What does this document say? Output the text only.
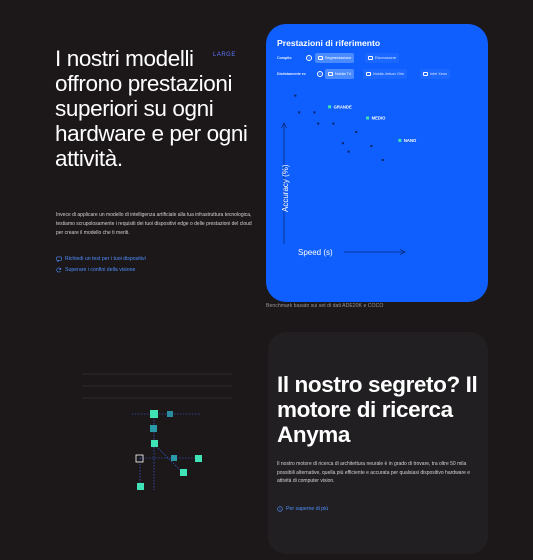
I nostri modelli offrono prestazioni superiori su ogni hardware e per ogni attività.
LARGE

Invece di applicare un modello di intelligenza artificiale alla tua infrastruttura tecnologica, testiamo scrupolosamente i requisiti dei tuoi dispositivi edge o delle prestazioni del cloud per creare il modello che ti meriti.

Richiedi un test per i tuoi dispositivi
Superare i confini della visione
Prestazioni di riferimento
Compito	i	Segmentazione	Riconoscere
Distintamente ev	i	Nvidia T4	Nvidia Jetson Orin	Intel Xeon
GRANDE
MEDIO
NANO
Speed (s)
Accuracy (%)
Benchmark basato sui set di dati ADE20K e COCO
Il nostro segreto? Il motore di ricerca Anyma

Il nostro motore di ricerca di architettura neurale è in grado di trovare, tra oltre 50 mila possibili alternative, quella più efficiente e accurata per qualsiasi dispositivo hardware e attività di computer vision.

Per saperne di più
